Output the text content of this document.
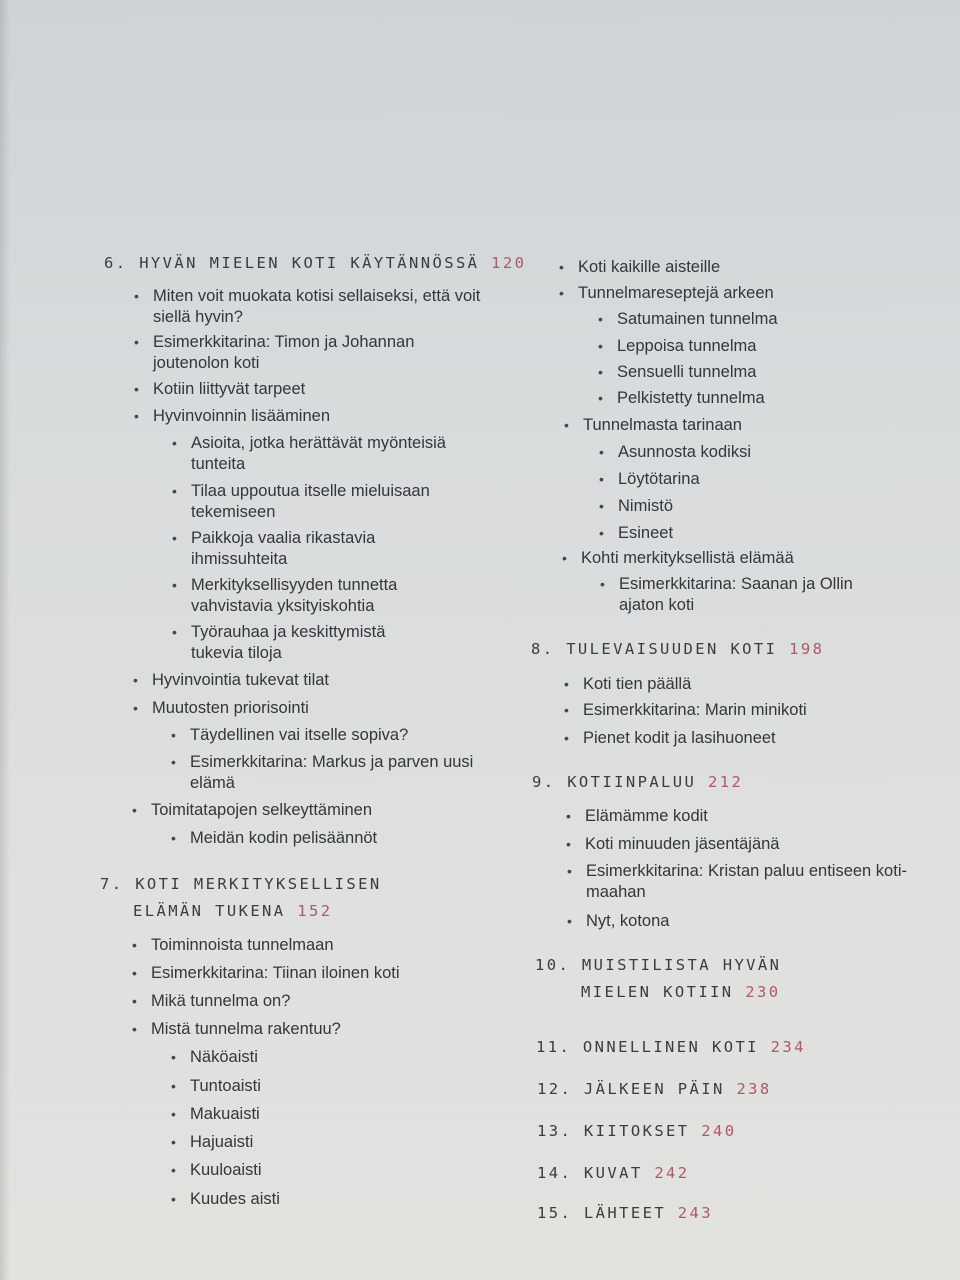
6. HYVÄN MIELEN KOTI KÄYTÄNNÖSSÄ 120
• Miten voit muokata kotisi sellaiseksi, että voit siellä hyvin?
• Esimerkkitarina: Timon ja Johannan joutenolon koti
• Kotiin liittyvät tarpeet
• Hyvinvoinnin lisääminen
• Asioita, jotka herättävät myönteisiä tunteita
• Tilaa uppoutua itselle mieluisaan tekemiseen
• Paikkoja vaalia rikastavia ihmissuhteita
• Merkityksellisyyden tunnetta vahvistavia yksityiskohtia
• Työrauhaa ja keskittymistä tukevia tiloja
• Hyvinvointia tukevat tilat
• Muutosten priorisointi
• Täydellinen vai itselle sopiva?
• Esimerkkitarina: Markus ja parven uusi elämä
• Toimitatapojen selkeyttäminen
• Meidän kodin pelisäännöt
7. KOTI MERKITYKSELLISEN
ELÄMÄN TUKENA 152
• Toiminnoista tunnelmaan
• Esimerkkitarina: Tiinan iloinen koti
• Mikä tunnelma on?
• Mistä tunnelma rakentuu?
• Näköaisti
• Tuntoaisti
• Makuaisti
• Hajuaisti
• Kuuloaisti
• Kuudes aisti
• Koti kaikille aisteille
• Tunnelmareseptejä arkeen
• Satumainen tunnelma
• Leppoisa tunnelma
• Sensuelli tunnelma
• Pelkistetty tunnelma
• Tunnelmasta tarinaan
• Asunnosta kodiksi
• Löytötarina
• Nimistö
• Esineet
• Kohti merkityksellistä elämää
• Esimerkkitarina: Saanan ja Ollin ajaton koti
8. TULEVAISUUDEN KOTI 198
• Koti tien päällä
• Esimerkkitarina: Marin minikoti
• Pienet kodit ja lasihuoneet
9. KOTIINPALUU 212
• Elämämme kodit
• Koti minuuden jäsentäjänä
• Esimerkkitarina: Kristan paluu entiseen koti-maahan
• Nyt, kotona
10. MUISTILISTA HYVÄN
MIELEN KOTIIN 230
11. ONNELLINEN KOTI 234
12. JÄLKEEN PÄIN 238
13. KIITOKSET 240
14. KUVAT 242
15. LÄHTEET 243
